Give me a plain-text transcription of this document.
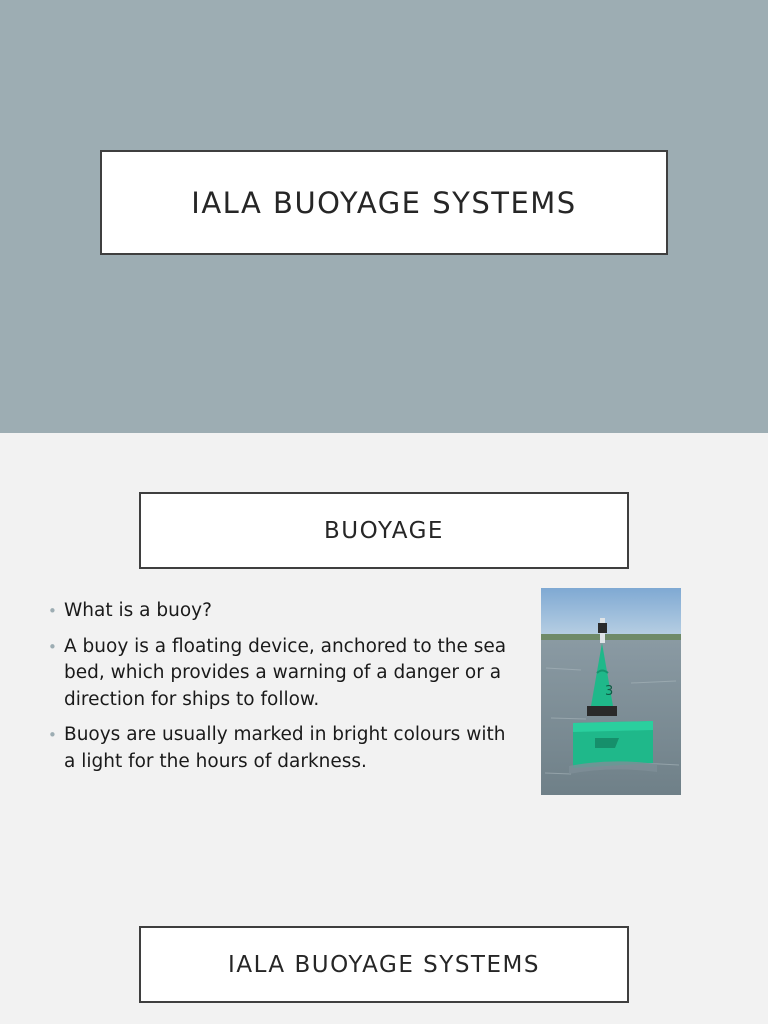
IALA BUOYAGE SYSTEMS
BUOYAGE
• What is a buoy?
• A buoy is a floating device, anchored to the sea bed, which provides a warning of a danger or a direction for ships to follow.
• Buoys are usually marked in bright colours with a light for the hours of darkness.
3
IALA BUOYAGE SYSTEMS
